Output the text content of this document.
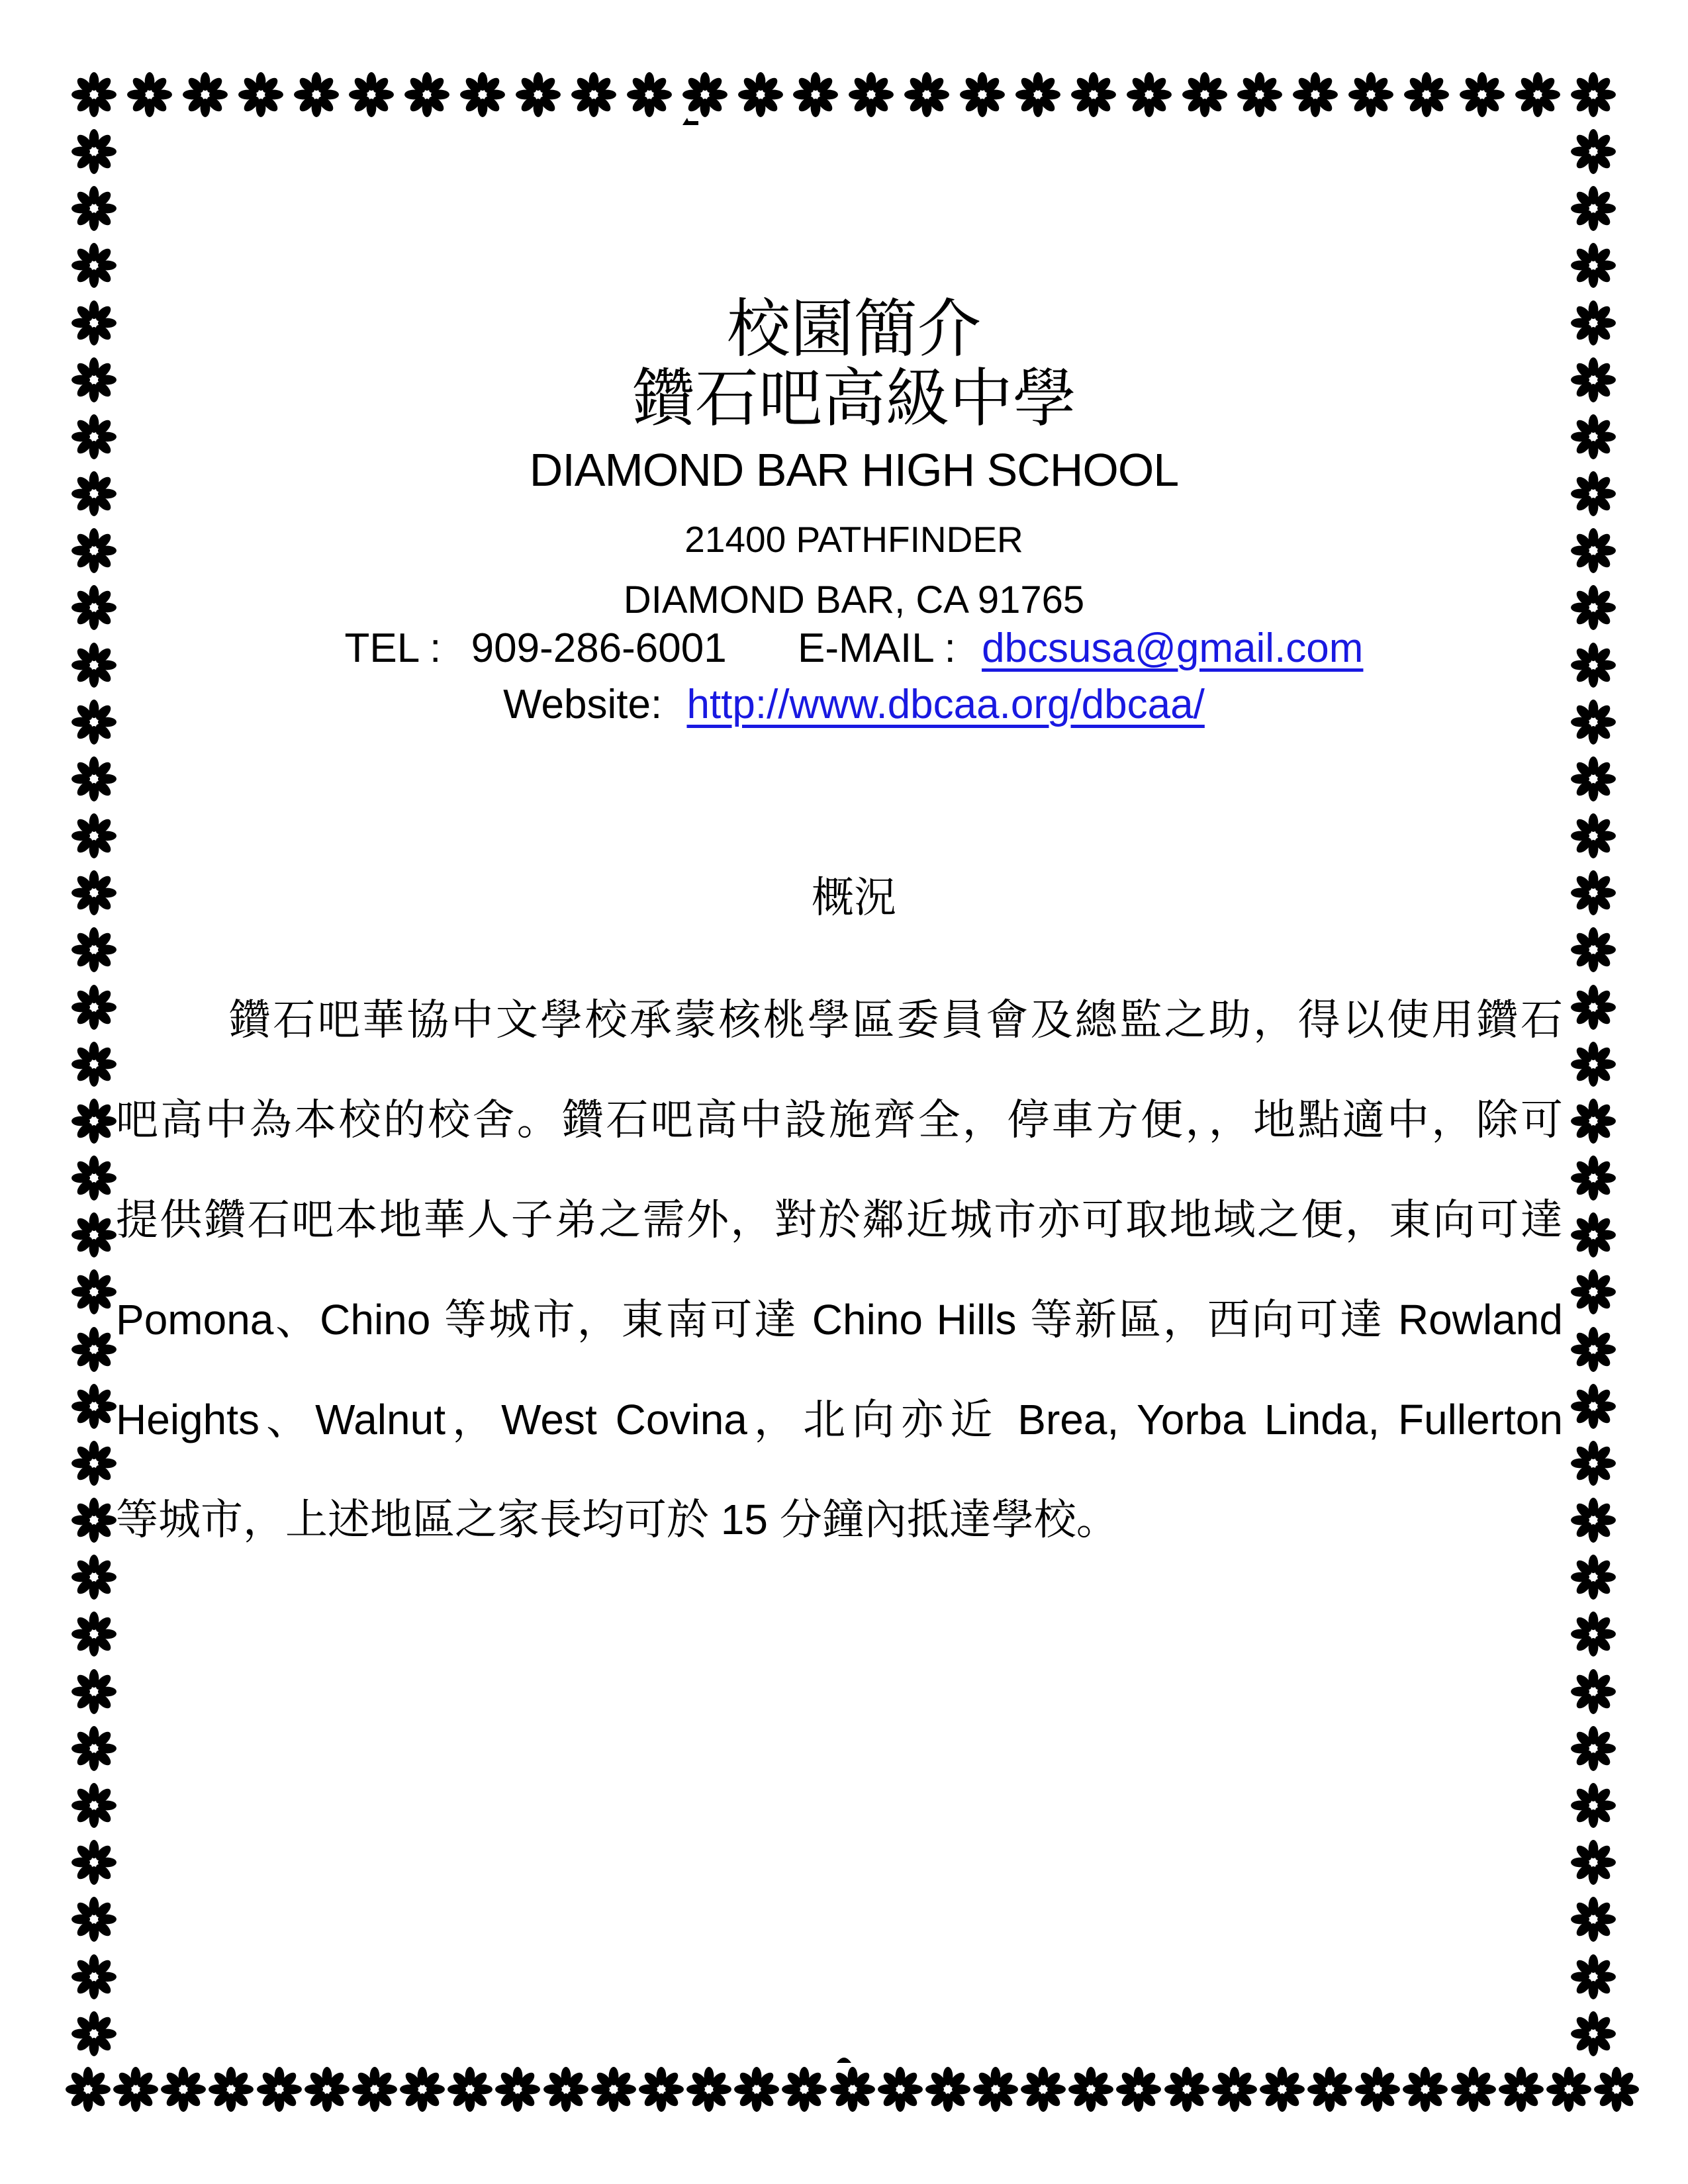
校園簡介
鑽石吧高級中學
DIAMOND BAR HIGH SCHOOL
21400 PATHFINDER
DIAMOND BAR, CA 91765
TEL : 909-286-6001 E-MAIL : dbcsusa@gmail.com
Website: http://www.dbcaa.org/dbcaa/
概況
鑽石吧華協中文學校承蒙核桃學區委員會及總監之助，得以使用鑽石
吧高中為本校的校舍。鑽石吧高中設施齊全，停車方便，，地點適中，除可
提供鑽石吧本地華人子弟之需外，對於鄰近城市亦可取地域之便，東向可達
Pomona、Chino 等城市，東南可達 Chino Hills 等新區，西向可達 Rowland
Heights、Walnut，West Covina，北向亦近 Brea, Yorba Linda, Fullerton
等城市，上述地區之家長均可於 15 分鐘內抵達學校。
